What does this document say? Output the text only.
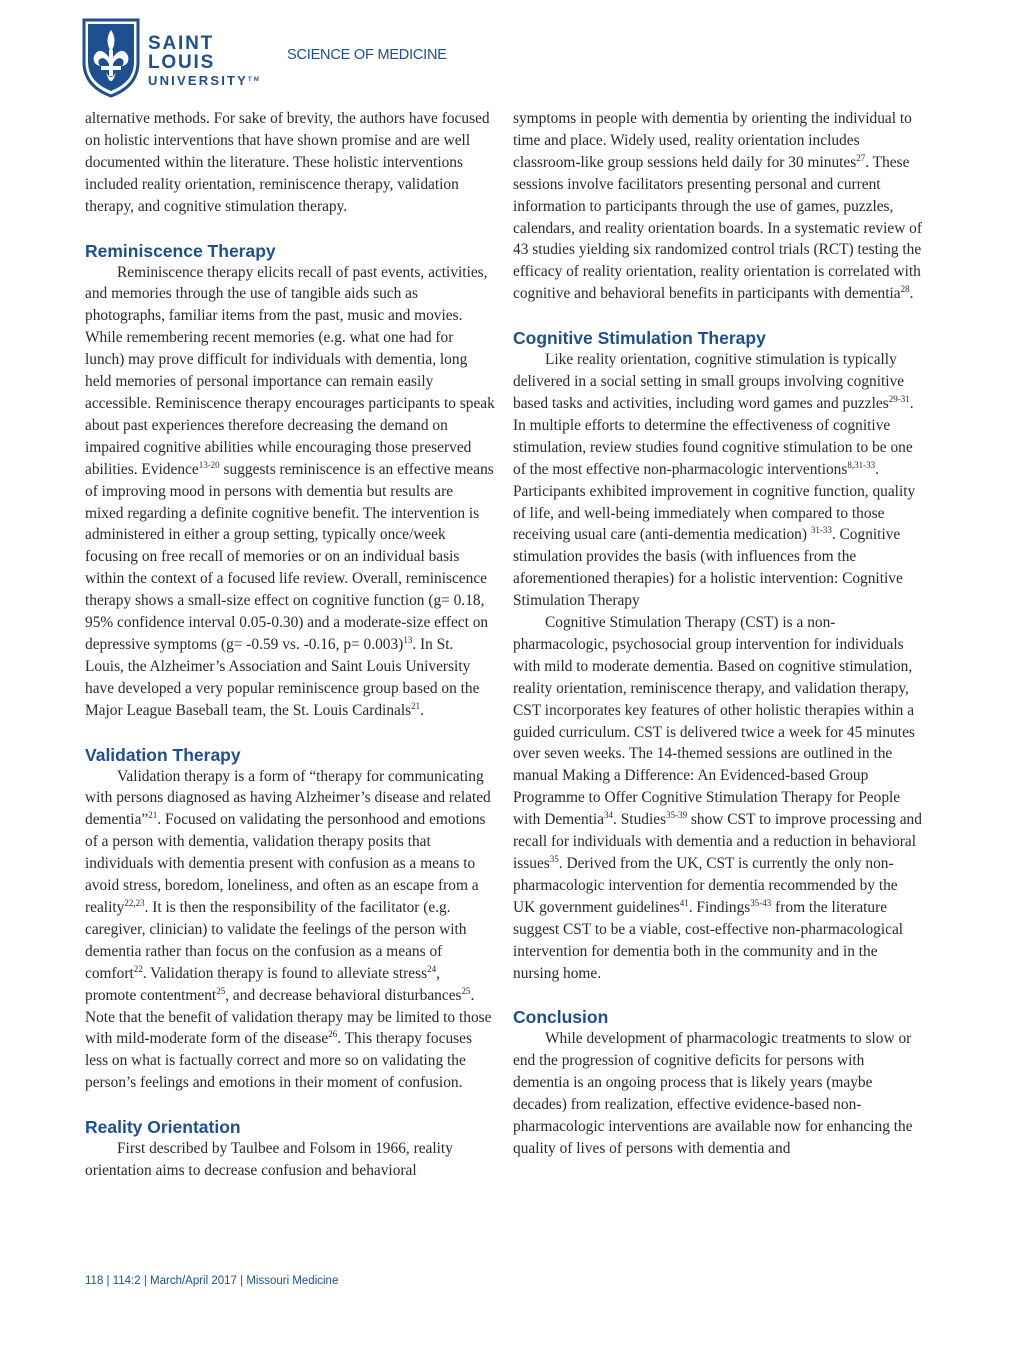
SAINT LOUIS
UNIVERSITY™
SCIENCE OF MEDICINE

alternative methods. For sake of brevity, the authors have focused on holistic interventions that have shown promise and are well documented within the literature. These holistic interventions included reality orientation, reminiscence therapy, validation therapy, and cognitive stimulation therapy.

Reminiscence Therapy

Reminiscence therapy elicits recall of past events, activities, and memories through the use of tangible aids such as photographs, familiar items from the past, music and movies. While remembering recent memories (e.g. what one had for lunch) may prove difficult for individuals with dementia, long held memories of personal importance can remain easily accessible. Reminiscence therapy encourages participants to speak about past experiences therefore decreasing the demand on impaired cognitive abilities while encouraging those preserved abilities. Evidence$^{13-20}$ suggests reminiscence is an effective means of improving mood in persons with dementia but results are mixed regarding a definite cognitive benefit. The intervention is administered in either a group setting, typically once/week focusing on free recall of memories or on an individual basis within the context of a focused life review. Overall, reminiscence therapy shows a small-size effect on cognitive function (g= 0.18, 95% confidence interval 0.05-0.30) and a moderate-size effect on depressive symptoms (g= -0.59 vs. -0.16, p= 0.003)$^{13}$. In St. Louis, the Alzheimer’s Association and Saint Louis University have developed a very popular reminiscence group based on the Major League Baseball team, the St. Louis Cardinals$^{21}$.

Validation Therapy

Validation therapy is a form of “therapy for communicating with persons diagnosed as having Alzheimer’s disease and related dementia”$^{21}$. Focused on validating the personhood and emotions of a person with dementia, validation therapy posits that individuals with dementia present with confusion as a means to avoid stress, boredom, loneliness, and often as an escape from a reality$^{22,23}$. It is then the responsibility of the facilitator (e.g. caregiver, clinician) to validate the feelings of the person with dementia rather than focus on the confusion as a means of comfort$^{22}$. Validation therapy is found to alleviate stress$^{24}$, promote contentment$^{25}$, and decrease behavioral disturbances$^{25}$. Note that the benefit of validation therapy may be limited to those with mild-moderate form of the disease$^{26}$. This therapy focuses less on what is factually correct and more so on validating the person’s feelings and emotions in their moment of confusion.

Reality Orientation

First described by Taulbee and Folsom in 1966, reality orientation aims to decrease confusion and behavioral

symptoms in people with dementia by orienting the individual to time and place. Widely used, reality orientation includes classroom-like group sessions held daily for 30 minutes$^{27}$. These sessions involve facilitators presenting personal and current information to participants through the use of games, puzzles, calendars, and reality orientation boards. In a systematic review of 43 studies yielding six randomized control trials (RCT) testing the efficacy of reality orientation, reality orientation is correlated with cognitive and behavioral benefits in participants with dementia$^{28}$.

Cognitive Stimulation Therapy

Like reality orientation, cognitive stimulation is typically delivered in a social setting in small groups involving cognitive based tasks and activities, including word games and puzzles$^{29-31}$. In multiple efforts to determine the effectiveness of cognitive stimulation, review studies found cognitive stimulation to be one of the most effective non-pharmacologic interventions$^{8,31-33}$. Participants exhibited improvement in cognitive function, quality of life, and well-being immediately when compared to those receiving usual care (anti-dementia medication) $^{31-33}$. Cognitive stimulation provides the basis (with influences from the aforementioned therapies) for a holistic intervention: Cognitive Stimulation Therapy

Cognitive Stimulation Therapy (CST) is a non-pharmacologic, psychosocial group intervention for individuals with mild to moderate dementia. Based on cognitive stimulation, reality orientation, reminiscence therapy, and validation therapy, CST incorporates key features of other holistic therapies within a guided curriculum. CST is delivered twice a week for 45 minutes over seven weeks. The 14-themed sessions are outlined in the manual Making a Difference: An Evidenced-based Group Programme to Offer Cognitive Stimulation Therapy for People with Dementia$^{34}$. Studies$^{35-39}$ show CST to improve processing and recall for individuals with dementia and a reduction in behavioral issues$^{35}$. Derived from the UK, CST is currently the only non-pharmacologic intervention for dementia recommended by the UK government guidelines$^{41}$. Findings$^{35-43}$ from the literature suggest CST to be a viable, cost-effective non-pharmacological intervention for dementia both in the community and in the nursing home.

Conclusion

While development of pharmacologic treatments to slow or end the progression of cognitive deficits for persons with dementia is an ongoing process that is likely years (maybe decades) from realization, effective evidence-based non-pharmacologic interventions are available now for enhancing the quality of lives of persons with dementia and

118 | 114:2 | March/April 2017 | Missouri Medicine
